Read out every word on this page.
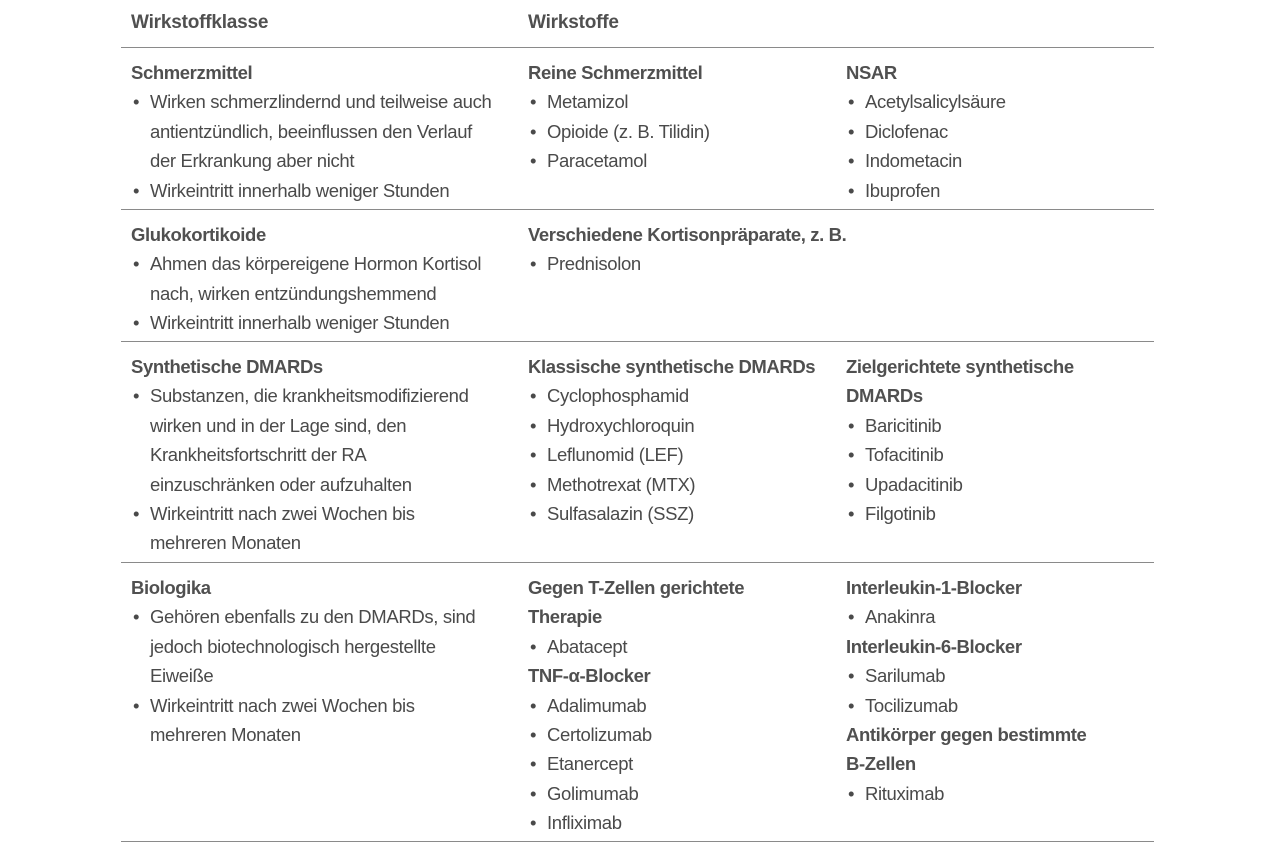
Wirkstoffklasse	Wirkstoffe
Schmerzmittel
• Wirken schmerzlindernd und teilweise auch
antientzündlich, beeinflussen den Verlauf
der Erkrankung aber nicht
• Wirkeintritt innerhalb weniger Stunden
Reine Schmerzmittel
• Metamizol
• Opioide (z. B. Tilidin)
• Paracetamol
NSAR
• Acetylsalicylsäure
• Diclofenac
• Indometacin
• Ibuprofen
Glukokortikoide
• Ahmen das körpereigene Hormon Kortisol
nach, wirken entzündungshemmend
• Wirkeintritt innerhalb weniger Stunden
Verschiedene Kortisonpräparate, z. B.
• Prednisolon
Synthetische DMARDs
• Substanzen, die krankheitsmodifizierend
wirken und in der Lage sind, den
Krankheitsfortschritt der RA
einzuschränken oder aufzuhalten
• Wirkeintritt nach zwei Wochen bis
mehreren Monaten
Klassische synthetische DMARDs
• Cyclophosphamid
• Hydroxychloroquin
• Leflunomid (LEF)
• Methotrexat (MTX)
• Sulfasalazin (SSZ)
Zielgerichtete synthetische
DMARDs
• Baricitinib
• Tofacitinib
• Upadacitinib
• Filgotinib
Biologika
• Gehören ebenfalls zu den DMARDs, sind
jedoch biotechnologisch hergestellte
Eiweiße
• Wirkeintritt nach zwei Wochen bis
mehreren Monaten
Gegen T-Zellen gerichtete
Therapie
• Abatacept
TNF-α-Blocker
• Adalimumab
• Certolizumab
• Etanercept
• Golimumab
• Infliximab
Interleukin-1-Blocker
• Anakinra
Interleukin-6-Blocker
• Sarilumab
• Tocilizumab
Antikörper gegen bestimmte
B-Zellen
• Rituximab
